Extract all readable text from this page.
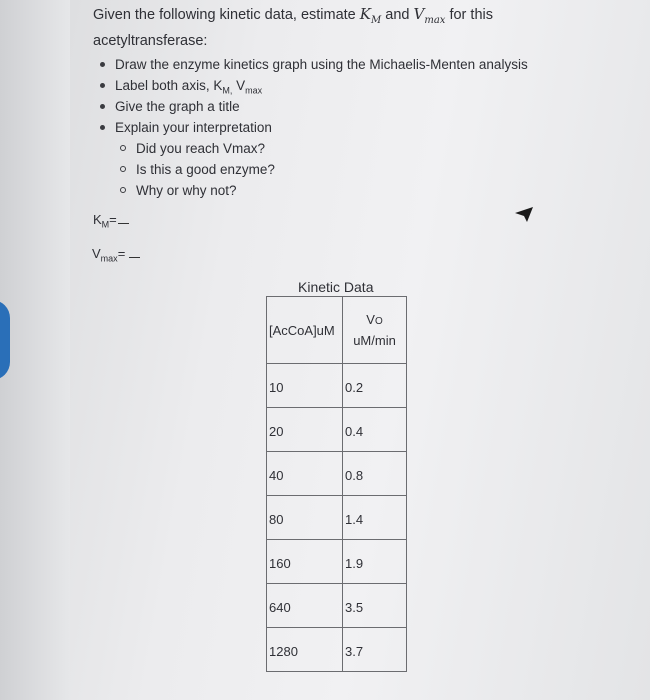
Given the following kinetic data, estimate $K_M$ and $V_{max}$ for this acetyltransferase:
Draw the enzyme kinetics graph using the Michaelis-Menten analysis
Label both axis, $K_{M,}$ $V_{max}$
Give the graph a title
Explain your interpretation
Did you reach Vmax?
Is this a good enzyme?
Why or why not?
$K_M=$
$V_{max}=$
Kinetic Data
[AcCoA]uM	VO
uM/min
10	0.2
20	0.4
40	0.8
80	1.4
160	1.9
640	3.5
1280	3.7
